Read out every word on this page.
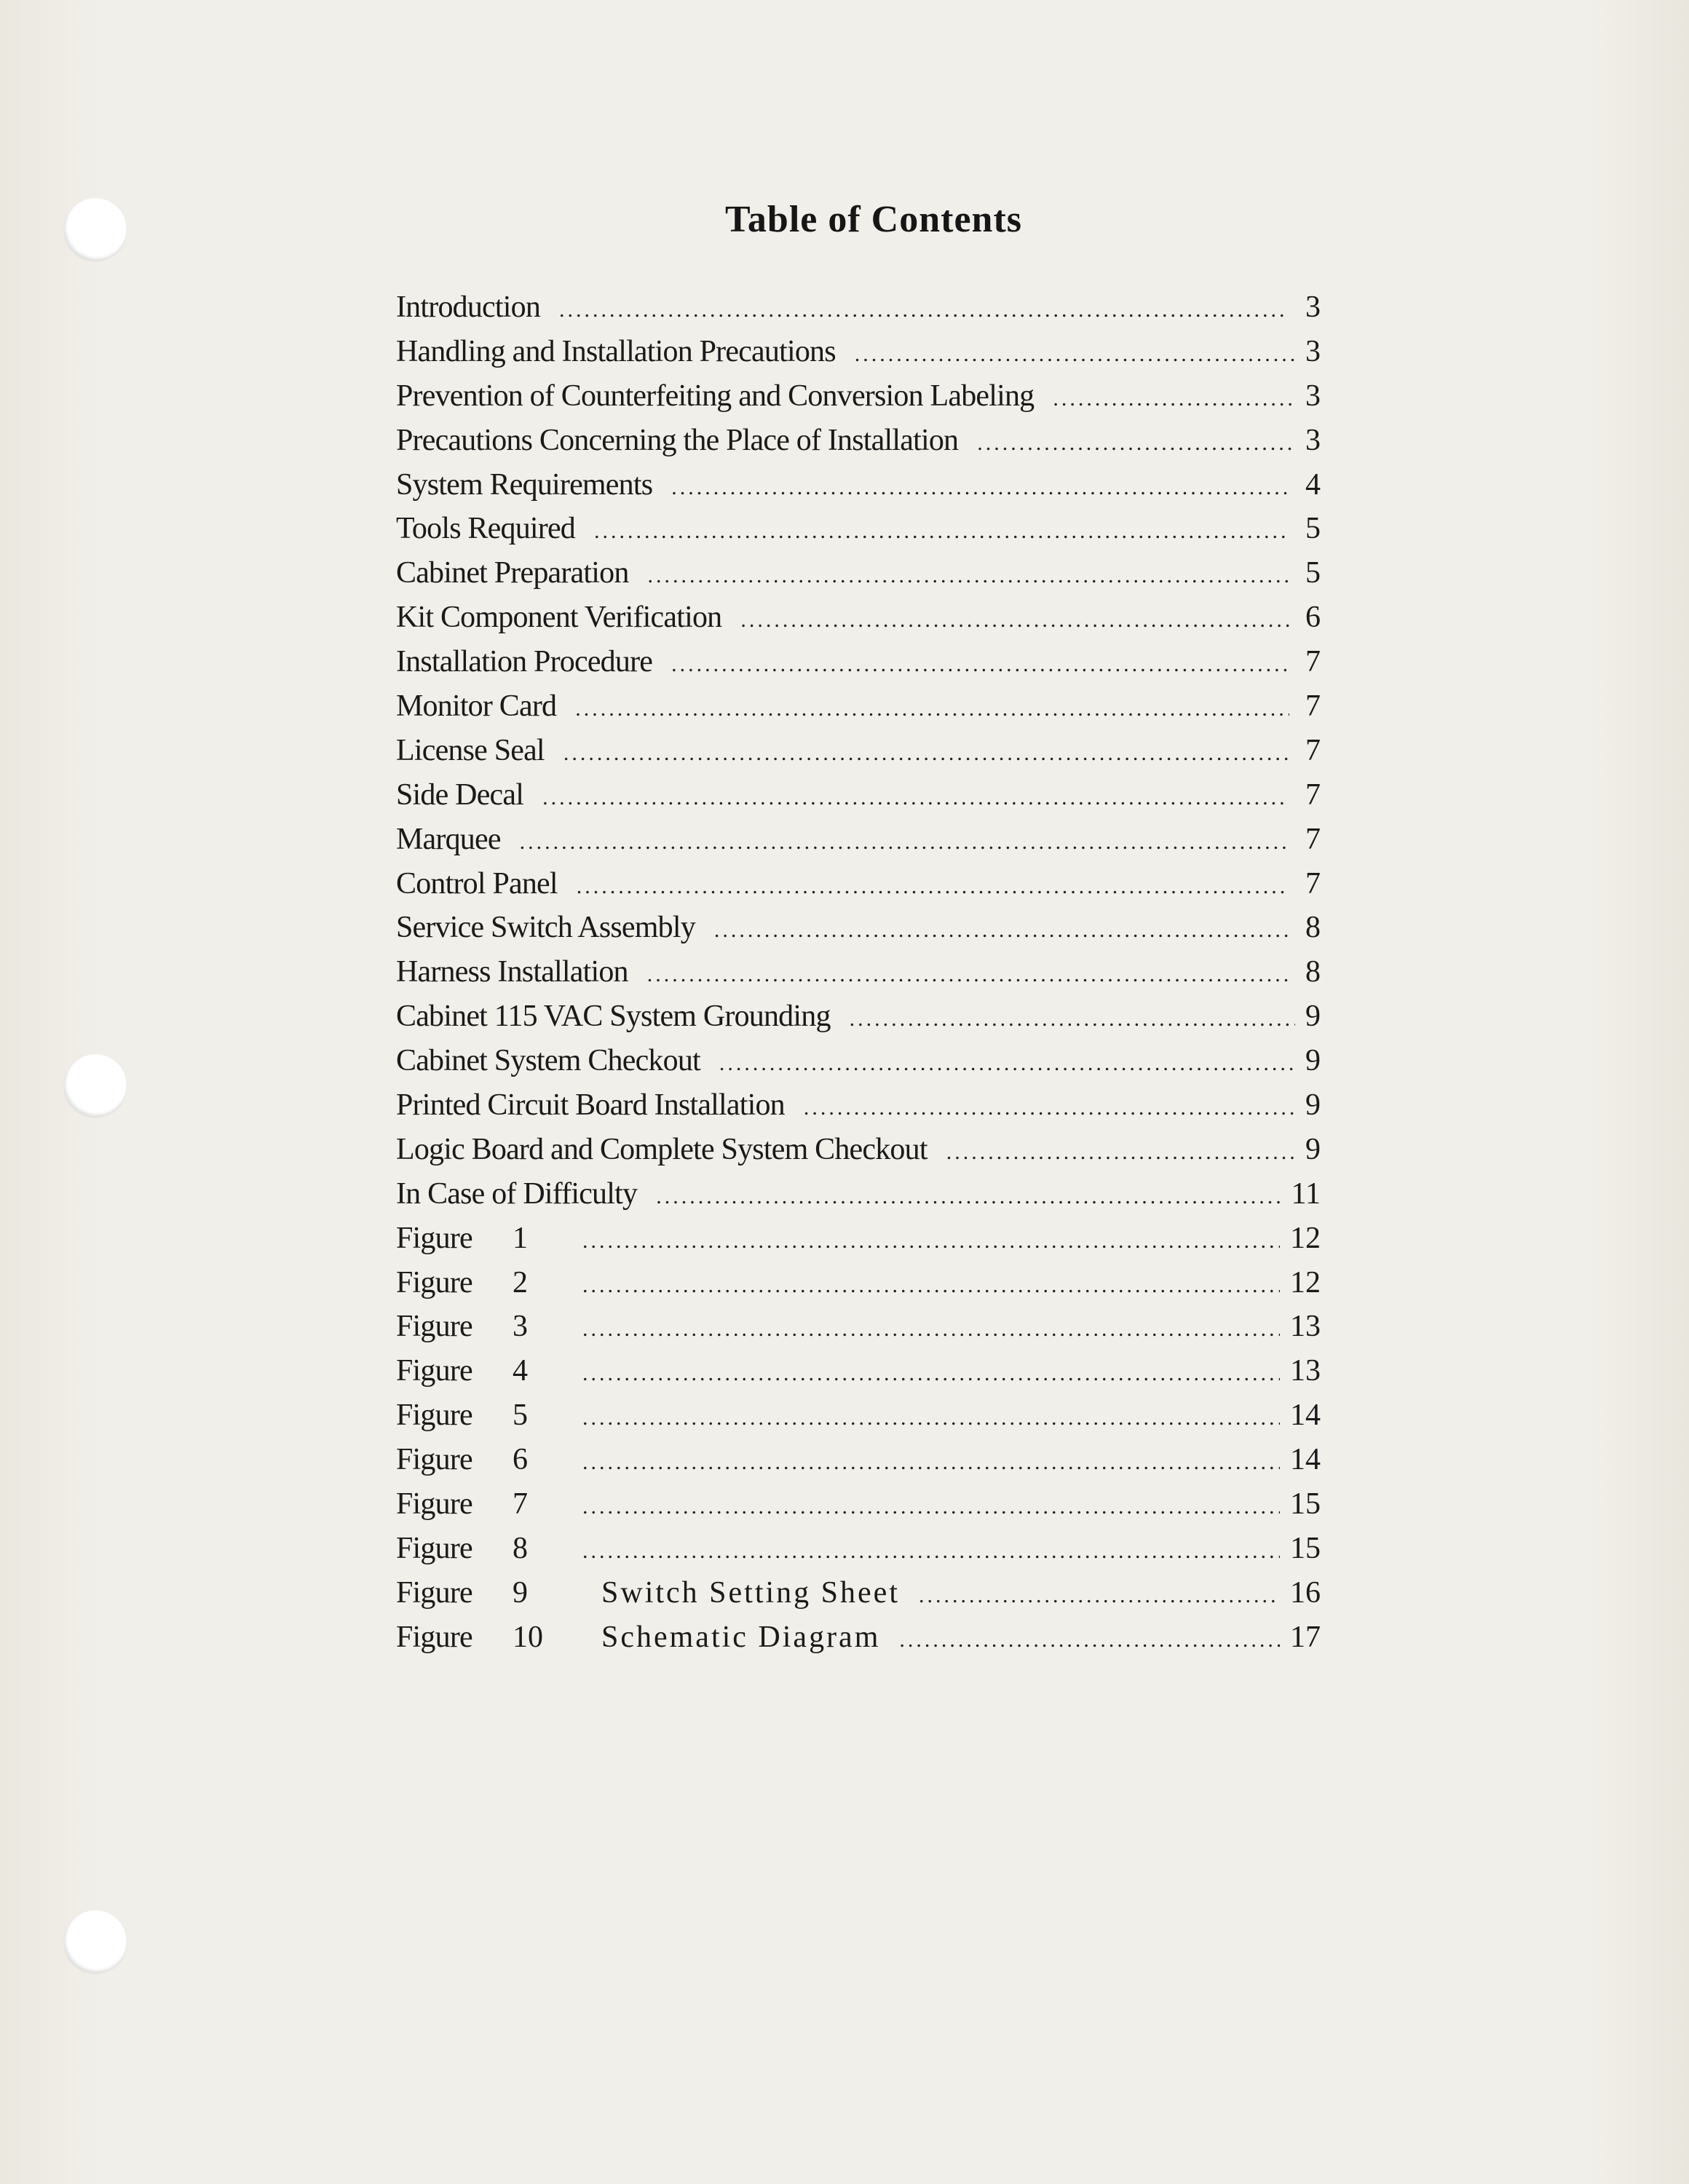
Table of Contents
Introduction .....	3
Handling and Installation Precautions .....	3
Prevention of Counterfeiting and Conversion Labeling .....	3
Precautions Concerning the Place of Installation .....	3
System Requirements .....	4
Tools Required .....	5
Cabinet Preparation .....	5
Kit Component Verification .....	6
Installation Procedure .....	7
Monitor Card .....	7
License Seal .....	7
Side Decal .....	7
Marquee .....	7
Control Panel .....	7
Service Switch Assembly .....	8
Harness Installation .....	8
Cabinet 115 VAC System Grounding .....	9
Cabinet System Checkout .....	9
Printed Circuit Board Installation .....	9
Logic Board and Complete System Checkout .....	9
In Case of Difficulty .....	11
Figure 1 .....	12
Figure 2 .....	12
Figure 3 .....	13
Figure 4 .....	13
Figure 5 .....	14
Figure 6 .....	14
Figure 7 .....	15
Figure 8 .....	15
Figure 9 Switch Setting Sheet .....	16
Figure 10 Schematic Diagram .....	17
